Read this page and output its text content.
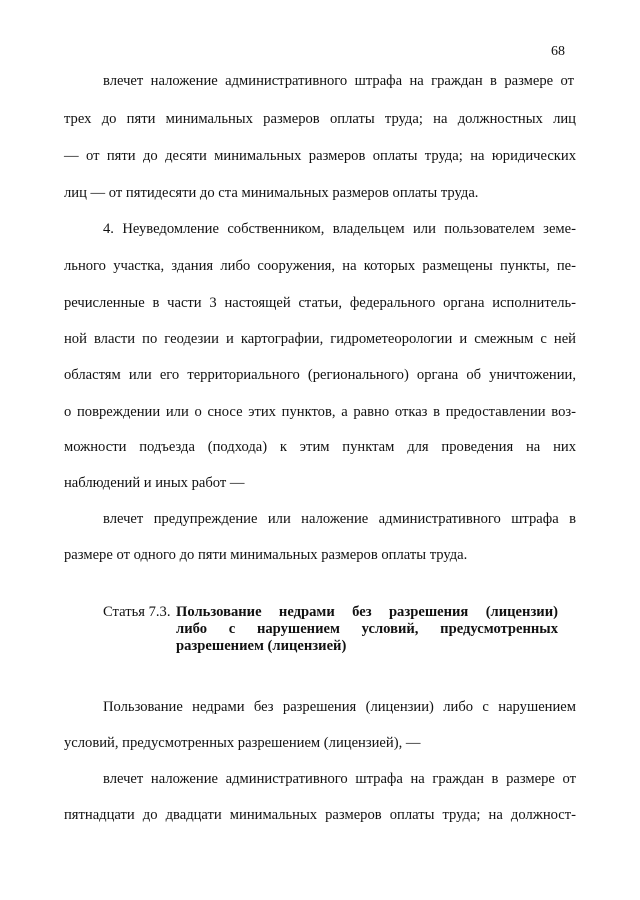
68
влечет наложение административного штрафа на граждан в размере от
трех до пяти минимальных размеров оплаты труда; на должностных лиц
— от пяти до десяти минимальных размеров оплаты труда; на юридических
лиц — от пятидесяти до ста минимальных размеров оплаты труда.
4. Неуведомление собственником, владельцем или пользователем земе-
льного участка, здания либо сооружения, на которых размещены пункты, пе-
речисленные в части 3 настоящей статьи, федерального органа исполнитель-
ной власти по геодезии и картографии, гидрометеорологии и смежным с ней
областям или его территориального (регионального) органа об уничтожении,
о повреждении или о сносе этих пунктов, а равно отказ в предоставлении воз-
можности подъезда (подхода) к этим пунктам для проведения на них
наблюдений и иных работ —
влечет предупреждение или наложение административного штрафа в
размере от одного до пяти минимальных размеров оплаты труда.
Статья 7.3. Пользование недрами без разрешения (лицензии)
либо с нарушением условий, предусмотренных
разрешением (лицензией)
Пользование недрами без разрешения (лицензии) либо с нарушением
условий, предусмотренных разрешением (лицензией), —
влечет наложение административного штрафа на граждан в размере от
пятнадцати до двадцати минимальных размеров оплаты труда; на должност-
